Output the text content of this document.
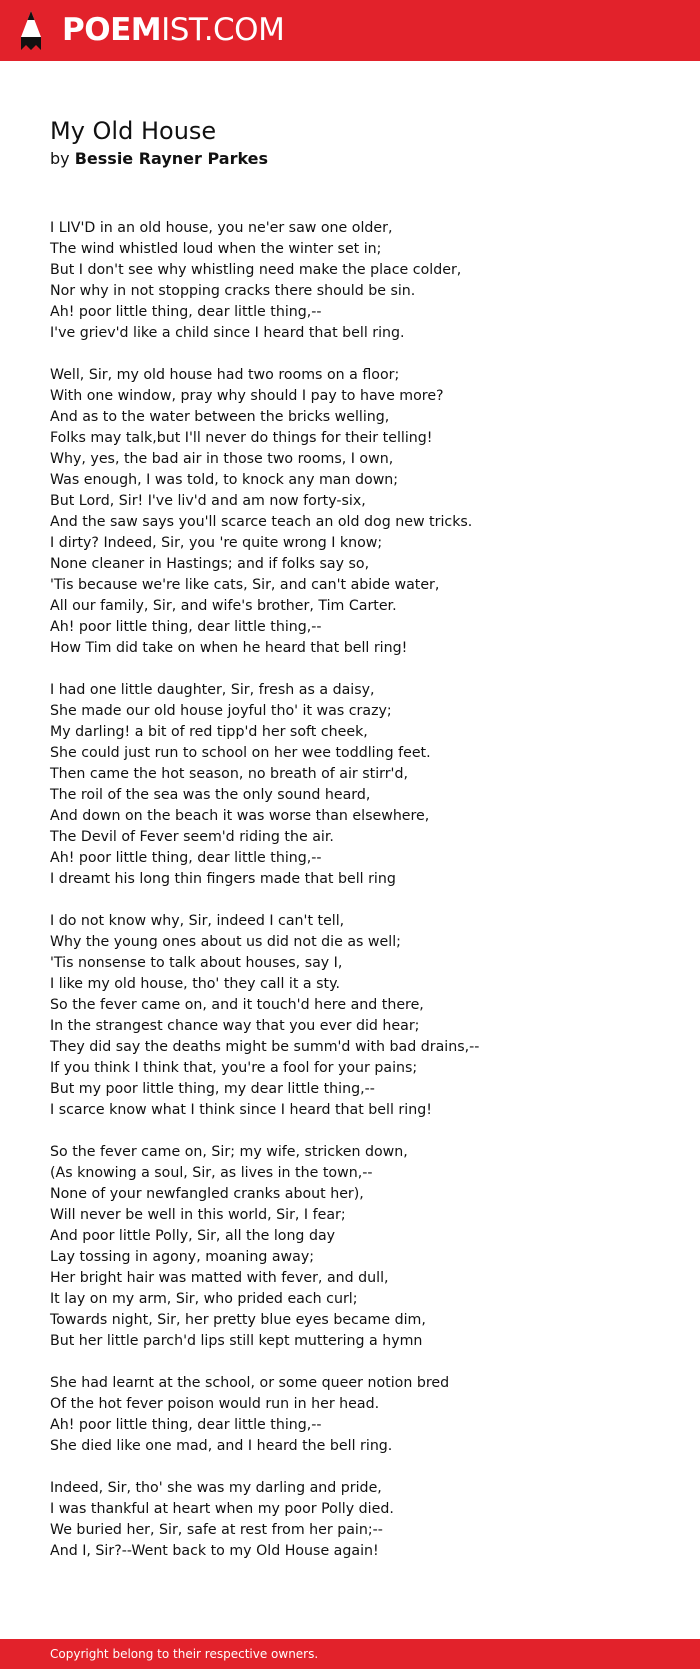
POEMIST.COM
My Old House
by Bessie Rayner Parkes
I LIV'D in an old house, you ne'er saw one older,
The wind whistled loud when the winter set in;
But I don't see why whistling need make the place colder,
Nor why in not stopping cracks there should be sin.
Ah! poor little thing, dear little thing,--
I've griev'd like a child since I heard that bell ring.
Well, Sir, my old house had two rooms on a floor;
With one window, pray why should I pay to have more?
And as to the water between the bricks welling,
Folks may talk,but I'll never do things for their telling!
Why, yes, the bad air in those two rooms, I own,
Was enough, I was told, to knock any man down;
But Lord, Sir! I've liv'd and am now forty-six,
And the saw says you'll scarce teach an old dog new tricks.
I dirty? Indeed, Sir, you 're quite wrong I know;
None cleaner in Hastings; and if folks say so,
'Tis because we're like cats, Sir, and can't abide water,
All our family, Sir, and wife's brother, Tim Carter.
Ah! poor little thing, dear little thing,--
How Tim did take on when he heard that bell ring!
I had one little daughter, Sir, fresh as a daisy,
She made our old house joyful tho' it was crazy;
My darling! a bit of red tipp'd her soft cheek,
She could just run to school on her wee toddling feet.
Then came the hot season, no breath of air stirr'd,
The roil of the sea was the only sound heard,
And down on the beach it was worse than elsewhere,
The Devil of Fever seem'd riding the air.
Ah! poor little thing, dear little thing,--
I dreamt his long thin fingers made that bell ring
I do not know why, Sir, indeed I can't tell,
Why the young ones about us did not die as well;
'Tis nonsense to talk about houses, say I,
I like my old house, tho' they call it a sty.
So the fever came on, and it touch'd here and there,
In the strangest chance way that you ever did hear;
They did say the deaths might be summ'd with bad drains,--
If you think I think that, you're a fool for your pains;
But my poor little thing, my dear little thing,--
I scarce know what I think since I heard that bell ring!
So the fever came on, Sir; my wife, stricken down,
(As knowing a soul, Sir, as lives in the town,--
None of your newfangled cranks about her),
Will never be well in this world, Sir, I fear;
And poor little Polly, Sir, all the long day
Lay tossing in agony, moaning away;
Her bright hair was matted with fever, and dull,
It lay on my arm, Sir, who prided each curl;
Towards night, Sir, her pretty blue eyes became dim,
But her little parch'd lips still kept muttering a hymn
She had learnt at the school, or some queer notion bred
Of the hot fever poison would run in her head.
Ah! poor little thing, dear little thing,--
She died like one mad, and I heard the bell ring.
Indeed, Sir, tho' she was my darling and pride,
I was thankful at heart when my poor Polly died.
We buried her, Sir, safe at rest from her pain;--
And I, Sir?--Went back to my Old House again!
Copyright belong to their respective owners.
